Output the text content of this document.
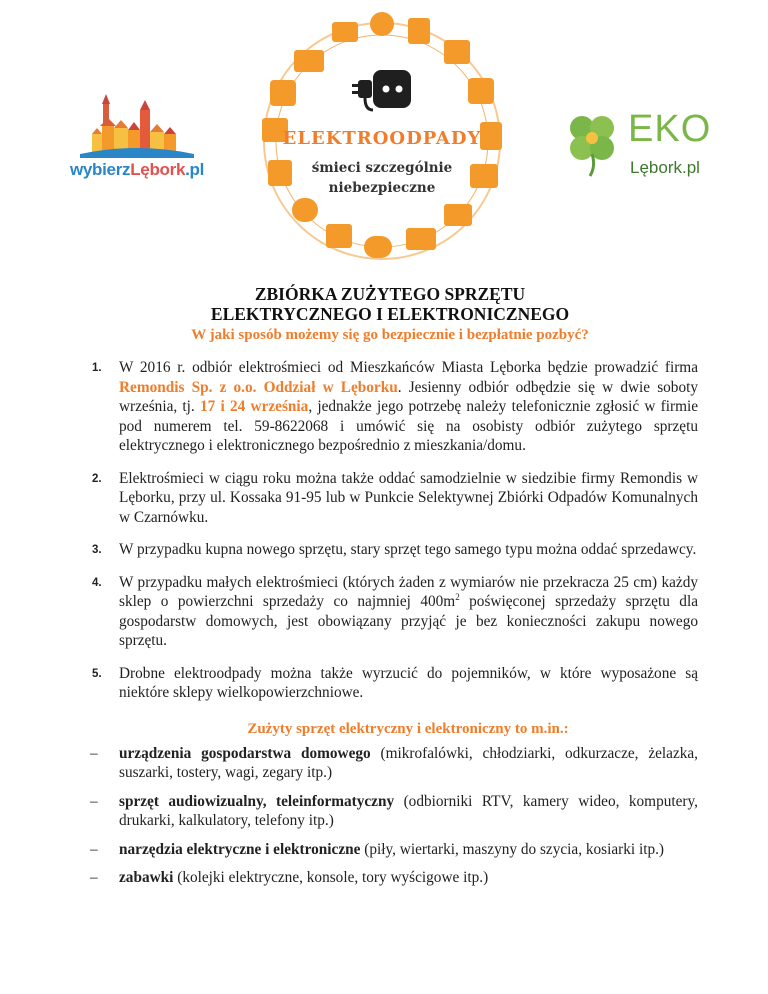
wybierzLębork.pl
ELEKTROODPADY
śmieci szczególnie
niebezpieczne
EKO
Lębork.pl
ZBIÓRKA ZUŻYTEGO SPRZĘTU
ELEKTRYCZNEGO I ELEKTRONICZNEGO
W jaki sposób możemy się go bezpiecznie i bezpłatnie pozbyć?
1. W 2016 r. odbiór elektrośmieci od Mieszkańców Miasta Lęborka będzie prowadzić firma Remondis Sp. z o.o. Oddział w Lęborku. Jesienny odbiór odbędzie się w dwie soboty września, tj. 17 i 24 września, jednakże jego potrzebę należy telefonicznie zgłosić w firmie pod numerem tel. 59-8622068 i umówić się na osobisty odbiór zużytego sprzętu elektrycznego i elektronicznego bezpośrednio z mieszkania/domu.
2. Elektrośmieci w ciągu roku można także oddać samodzielnie w siedzibie firmy Remondis w Lęborku, przy ul. Kossaka 91-95 lub w Punkcie Selektywnej Zbiórki Odpadów Komunalnych w Czarnówku.
3. W przypadku kupna nowego sprzętu, stary sprzęt tego samego typu można oddać sprzedawcy.
4. W przypadku małych elektrośmieci (których żaden z wymiarów nie przekracza 25 cm) każdy sklep o powierzchni sprzedaży co najmniej $400m^2$ poświęconej sprzedaży sprzętu dla gospodarstw domowych, jest obowiązany przyjąć je bez konieczności zakupu nowego sprzętu.
5. Drobne elektroodpady można także wyrzucić do pojemników, w które wyposażone są niektóre sklepy wielkopowierzchniowe.
Zużyty sprzęt elektryczny i elektroniczny to m.in.:
– urządzenia gospodarstwa domowego (mikrofalówki, chłodziarki, odkurzacze, żelazka, suszarki, tostery, wagi, zegary itp.)
– sprzęt audiowizualny, teleinformatyczny (odbiorniki RTV, kamery wideo, komputery, drukarki, kalkulatory, telefony itp.)
– narzędzia elektryczne i elektroniczne (piły, wiertarki, maszyny do szycia, kosiarki itp.)
– zabawki (kolejki elektryczne, konsole, tory wyścigowe itp.)
